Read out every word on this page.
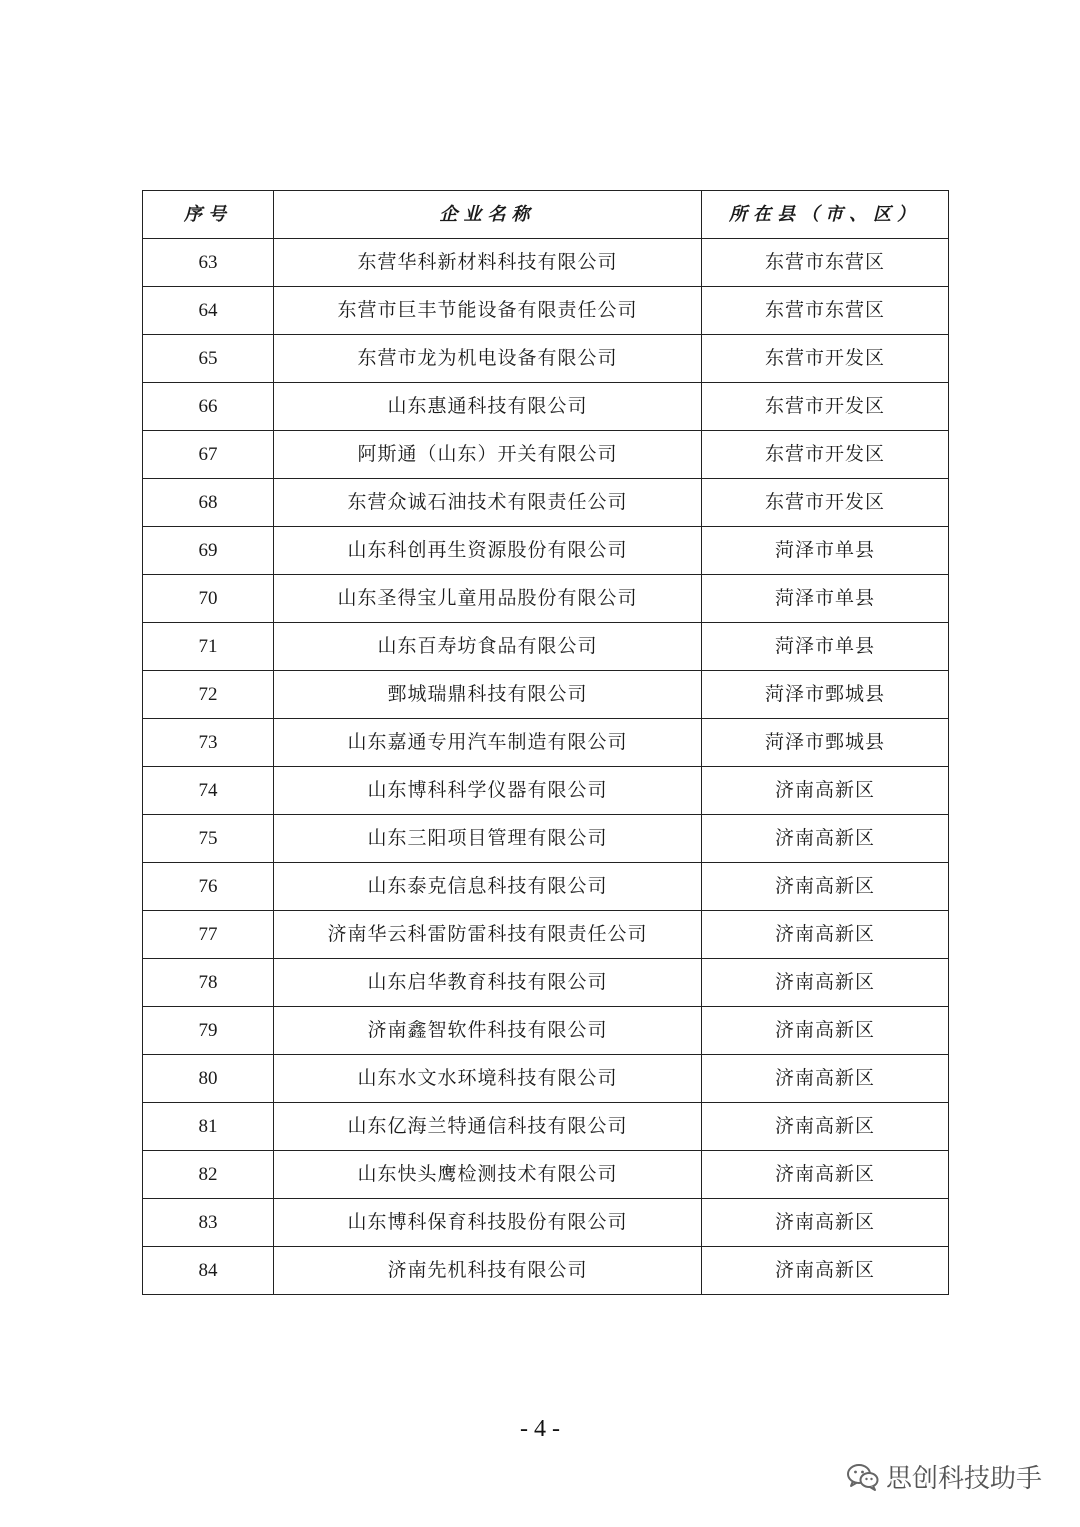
序号	企业名称	所在县（市、区）
63	东营华科新材料科技有限公司	东营市东营区
64	东营市巨丰节能设备有限责任公司	东营市东营区
65	东营市龙为机电设备有限公司	东营市开发区
66	山东惠通科技有限公司	东营市开发区
67	阿斯通（山东）开关有限公司	东营市开发区
68	东营众诚石油技术有限责任公司	东营市开发区
69	山东科创再生资源股份有限公司	菏泽市单县
70	山东圣得宝儿童用品股份有限公司	菏泽市单县
71	山东百寿坊食品有限公司	菏泽市单县
72	鄄城瑞鼎科技有限公司	菏泽市鄄城县
73	山东嘉通专用汽车制造有限公司	菏泽市鄄城县
74	山东博科科学仪器有限公司	济南高新区
75	山东三阳项目管理有限公司	济南高新区
76	山东泰克信息科技有限公司	济南高新区
77	济南华云科雷防雷科技有限责任公司	济南高新区
78	山东启华教育科技有限公司	济南高新区
79	济南鑫智软件科技有限公司	济南高新区
80	山东水文水环境科技有限公司	济南高新区
81	山东亿海兰特通信科技有限公司	济南高新区
82	山东快头鹰检测技术有限公司	济南高新区
83	山东博科保育科技股份有限公司	济南高新区
84	济南先机科技有限公司	济南高新区
- 4 -
思创科技助手
